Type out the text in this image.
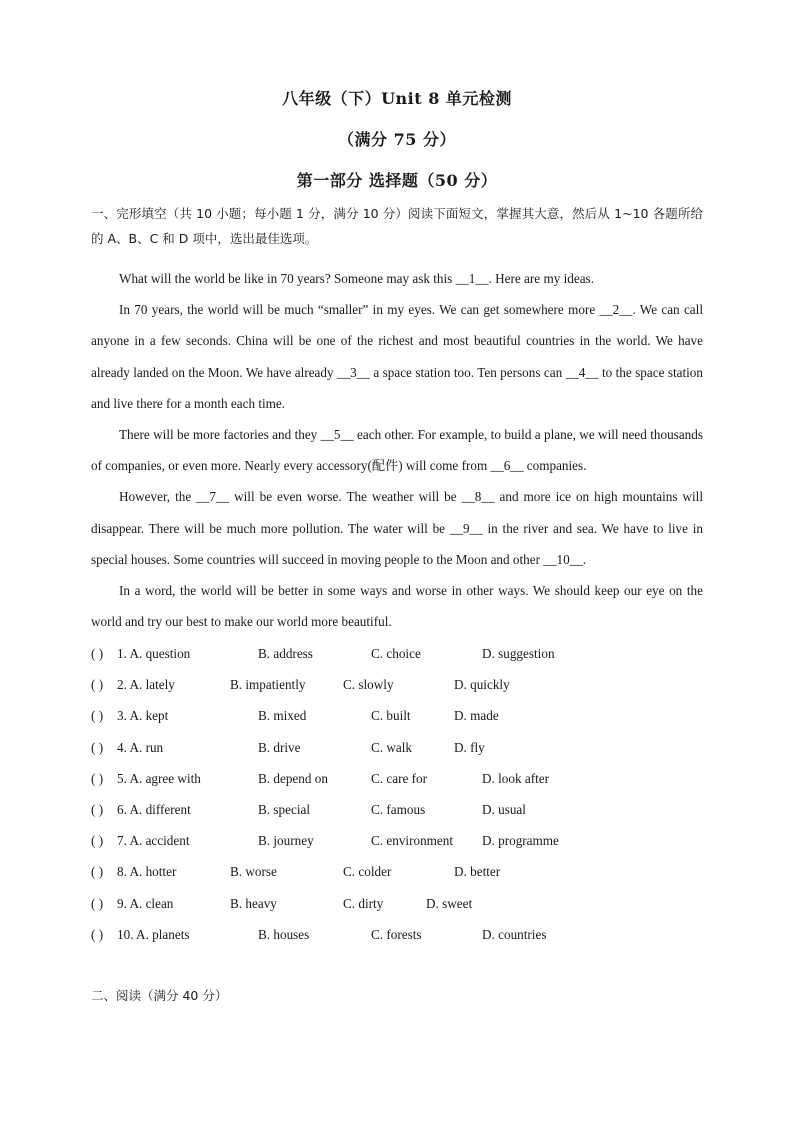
八年级（下）Unit 8 单元检测
（满分 75 分）
第一部分 选择题（50 分）
一、完形填空（共 10 小题；每小题 1 分，满分 10 分）阅读下面短文，掌握其大意，然后从 1~10 各题所给的 A、B、C 和 D 项中，选出最佳选项。

What will the world be like in 70 years? Someone may ask this __1__. Here are my ideas.

In 70 years, the world will be much “smaller” in my eyes. We can get somewhere more __2__. We can call anyone in a few seconds. China will be one of the richest and most beautiful countries in the world. We have already landed on the Moon. We have already __3__ a space station too. Ten persons can __4__ to the space station and live there for a month each time.

There will be more factories and they __5__ each other. For example, to build a plane, we will need thousands of companies, or even more. Nearly every accessory(配件) will come from __6__ companies.

However, the __7__ will be even worse. The weather will be __8__ and more ice on high mountains will disappear. There will be much more pollution. The water will be __9__ in the river and sea. We have to live in special houses. Some countries will succeed in moving people to the Moon and other __10__.

In a word, the world will be better in some ways and worse in other ways. We should keep our eye on the world and try our best to make our world more beautiful.

( ) 1. A. question	B. address	C. choice	D. suggestion
( ) 2. A. lately	B. impatiently	C. slowly	D. quickly
( ) 3. A. kept	B. mixed	C. built	D. made
( ) 4. A. run	B. drive	C. walk	D. fly
( ) 5. A. agree with	B. depend on	C. care for	D. look after
( ) 6. A. different	B. special	C. famous	D. usual
( ) 7. A. accident	B. journey	C. environment D. programme
( ) 8. A. hotter	B. worse	C. colder	D. better
( ) 9. A. clean	B. heavy	C. dirty	D. sweet
( ) 10. A. planets	B. houses	C. forests	D. countries
二、阅读（满分 40 分）
